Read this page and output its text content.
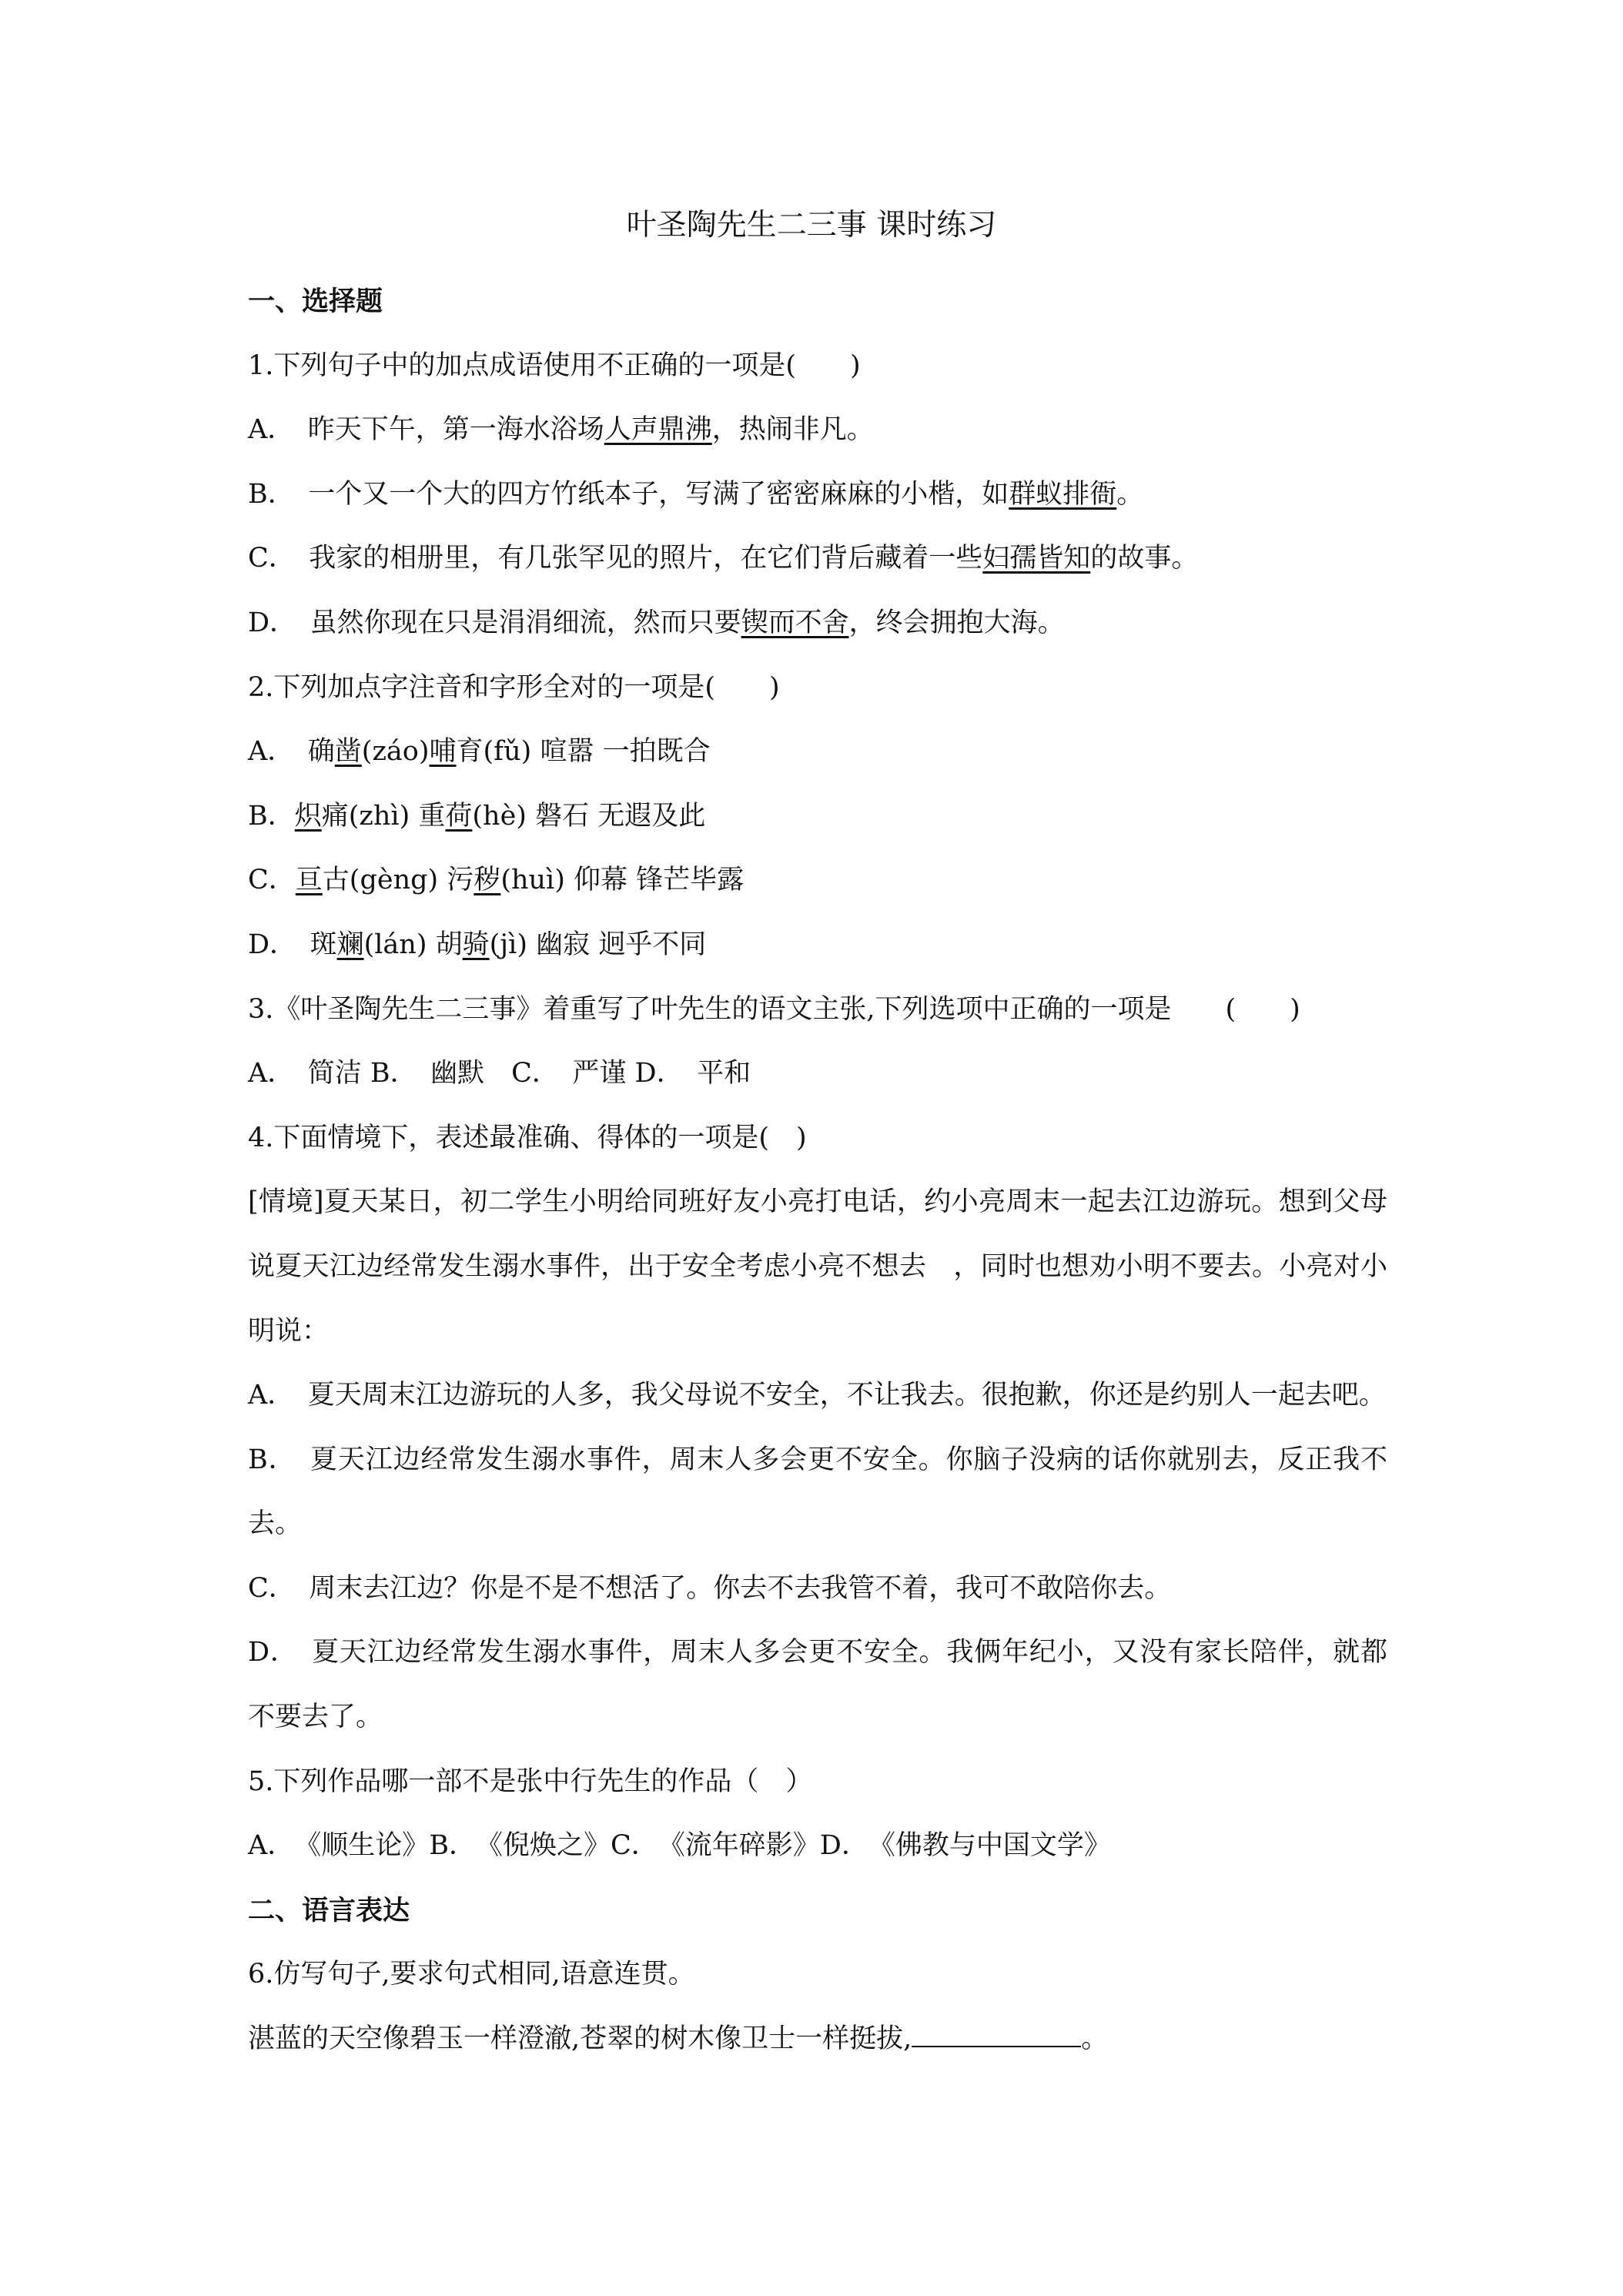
叶圣陶先生二三事 课时练习
一、选择题
1.下列句子中的加点成语使用不正确的一项是(　　)
A．　昨天下午，第一海水浴场人声鼎沸，热闹非凡。
B．　一个又一个大的四方竹纸本子，写满了密密麻麻的小楷，如群蚁排衙。
C．　我家的相册里，有几张罕见的照片，在它们背后藏着一些妇孺皆知的故事。
D．　虽然你现在只是涓涓细流，然而只要锲而不舍，终会拥抱大海。
2.下列加点字注音和字形全对的一项是(　　)
A．　确凿(záo)哺育(fǔ) 喧嚣 一拍既合
B．炽痛(zhì) 重荷(hè) 磐石 无遐及此
C．亘古(gèng) 污秽(huì) 仰幕 锋芒毕露
D．　斑斓(lán) 胡骑(jì) 幽寂 迥乎不同
3.《叶圣陶先生二三事》着重写了叶先生的语文主张,下列选项中正确的一项是　　(　　)
A．　简洁 B．　幽默　C．　严谨 D．　平和
4.下面情境下，表述最准确、得体的一项是(　)
[情境]夏天某日，初二学生小明给同班好友小亮打电话，约小亮周末一起去江边游玩。想到父母说夏天江边经常发生溺水事件，出于安全考虑小亮不想去　，同时也想劝小明不要去。小亮对小明说：
A．　夏天周末江边游玩的人多，我父母说不安全，不让我去。很抱歉，你还是约别人一起去吧。
B．　夏天江边经常发生溺水事件，周末人多会更不安全。你脑子没病的话你就别去，反正我不去。
C．　周末去江边？你是不是不想活了。你去不去我管不着，我可不敢陪你去。
D．　夏天江边经常发生溺水事件，周末人多会更不安全。我俩年纪小，又没有家长陪伴，就都不要去了。
5.下列作品哪一部不是张中行先生的作品（　）
A．　《顺生论》B．　《倪焕之》C．　《流年碎影》D．　《佛教与中国文学》
二、语言表达
6.仿写句子,要求句式相同,语意连贯。
湛蓝的天空像碧玉一样澄澈,苍翠的树木像卫士一样挺拔,	。
